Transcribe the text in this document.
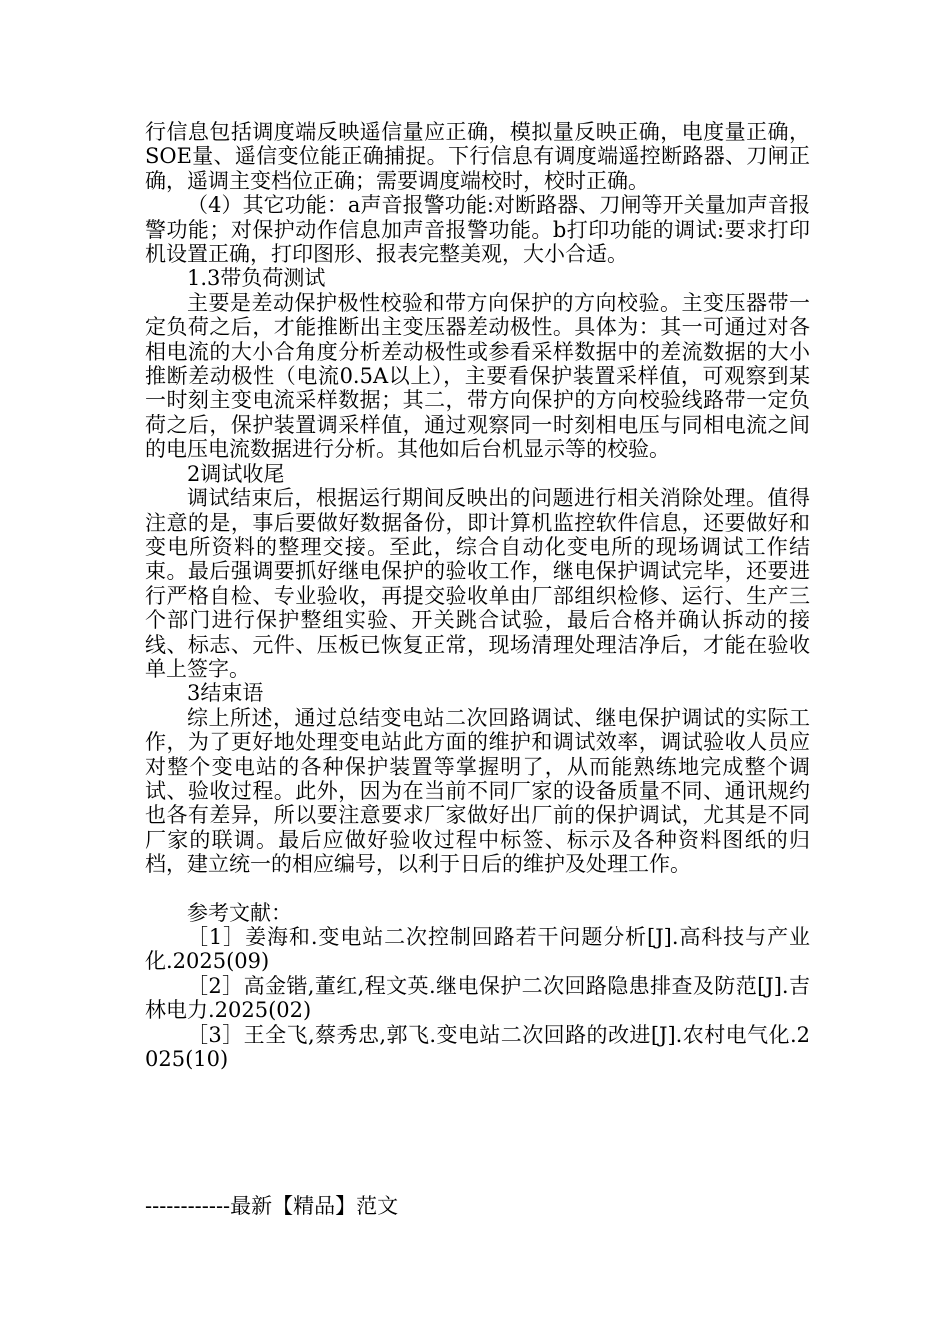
行信息包括调度端反映遥信量应正确，模拟量反映正确，电度量正确，SOE量、遥信变位能正确捕捉。下行信息有调度端遥控断路器、刀闸正确，遥调主变档位正确；需要调度端校时，校时正确。

（4）其它功能：a声音报警功能:对断路器、刀闸等开关量加声音报警功能；对保护动作信息加声音报警功能。b打印功能的调试:要求打印机设置正确，打印图形、报表完整美观，大小合适。

1.3带负荷测试

主要是差动保护极性校验和带方向保护的方向校验。主变压器带一定负荷之后，才能推断出主变压器差动极性。具体为：其一可通过对各相电流的大小合角度分析差动极性或参看采样数据中的差流数据的大小推断差动极性（电流0.5A以上），主要看保护装置采样值，可观察到某一时刻主变电流采样数据；其二，带方向保护的方向校验线路带一定负荷之后，保护装置调采样值，通过观察同一时刻相电压与同相电流之间的电压电流数据进行分析。其他如后台机显示等的校验。

2调试收尾

调试结束后，根据运行期间反映出的问题进行相关消除处理。值得注意的是，事后要做好数据备份，即计算机监控软件信息，还要做好和变电所资料的整理交接。至此，综合自动化变电所的现场调试工作结束。最后强调要抓好继电保护的验收工作，继电保护调试完毕，还要进行严格自检、专业验收，再提交验收单由厂部组织检修、运行、生产三个部门进行保护整组实验、开关跳合试验，最后合格并确认拆动的接线、标志、元件、压板已恢复正常，现场清理处理洁净后，才能在验收单上签字。

3结束语

综上所述，通过总结变电站二次回路调试、继电保护调试的实际工作，为了更好地处理变电站此方面的维护和调试效率，调试验收人员应对整个变电站的各种保护装置等掌握明了，从而能熟练地完成整个调试、验收过程。此外，因为在当前不同厂家的设备质量不同、通讯规约也各有差异，所以要注意要求厂家做好出厂前的保护调试，尤其是不同厂家的联调。最后应做好验收过程中标签、标示及各种资料图纸的归档，建立统一的相应编号，以利于日后的维护及处理工作。

参考文献：

［1］姜海和.变电站二次控制回路若干问题分析[J].高科技与产业化.2025(09)

［2］高金锴,董红,程文英.继电保护二次回路隐患排查及防范[J].吉林电力.2025(02)

［3］王全飞,蔡秀忠,郭飞.变电站二次回路的改进[J].农村电气化.2025(10)

------------最新【精品】范文
